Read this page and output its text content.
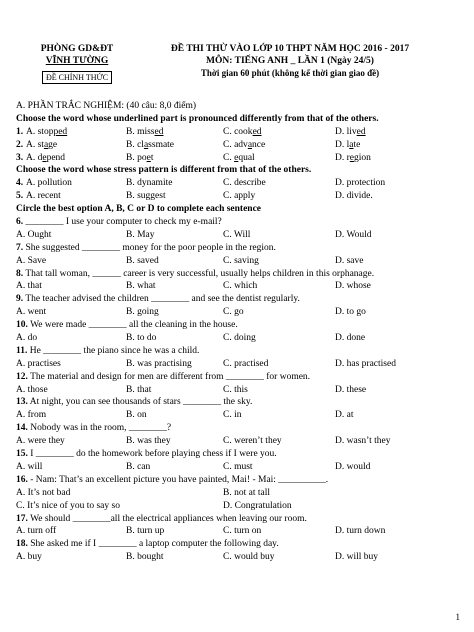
PHÒNG GD&ĐT
VĨNH TƯỜNG
ĐỀ CHÍNH THỨC
ĐỀ THI THỬ VÀO LỚP 10 THPT NĂM HỌC 2016 - 2017
MÔN: TIẾNG ANH _ LẦN 1 (Ngày 24/5)
Thời gian 60 phút (không kể thời gian giao đề)
A. PHẦN TRẮC NGHIỆM: (40 câu: 8,0 điểm)
Choose the word whose underlined part is pronounced differently from that of the others.
1. A. stopped	B. missed	C. cooked	D. lived
2. A. stage	B. classmate	C. advance	D. late
3. A. depend	B. poet	C. equal	D. region
Choose the word whose stress pattern is different from that of the others.
4. A. pollution	B. dynamite	C. describe	D. protection
5. A. recent	B. suggest	C. apply	D. divide.
Circle the best option A, B, C or D to complete each sentence
6. ________ I use your computer to check my e-mail?
A. Ought	B. May	C. Will	D. Would
7. She suggested ________ money for the poor people in the region.
A. Save	B. saved	C. saving	D. save
8. That tall woman, ______ career is very successful, usually helps children in this orphanage.
A. that	B. what	C. which	D. whose
9. The teacher advised the children ________ and see the dentist regularly.
A. went	B. going	C. go	D. to go
10. We were made ________ all the cleaning in the house.
A. do	B. to do	C. doing	D. done
11. He ________ the piano since he was a child.
A. practises	B. was practising	C. practised	D. has practised
12. The material and design for men are different from ________ for women.
A. those	B. that	C. this	D. these
13. At night, you can see thousands of stars ________ the sky.
A. from	B. on	C. in	D. at
14. Nobody was in the room, ________?
A. were they	B. was they	C. weren’t they	D. wasn’t they
15. I ________ do the homework before playing chess if I were you.
A. will	B. can	C. must	D. would
16. - Nam: That’s an excellent picture you have painted, Mai! - Mai: __________.
A. It’s not bad	B. not at tall
C. It’s nice of you to say so	D. Congratulation
17. We should ________all the electrical appliances when leaving our room.
A. turn off	B. turn up	C. turn on	D. turn down
18. She asked me if I ________ a laptop computer the following day.
A. buy	B. bought	C. would buy	D. will buy
1
